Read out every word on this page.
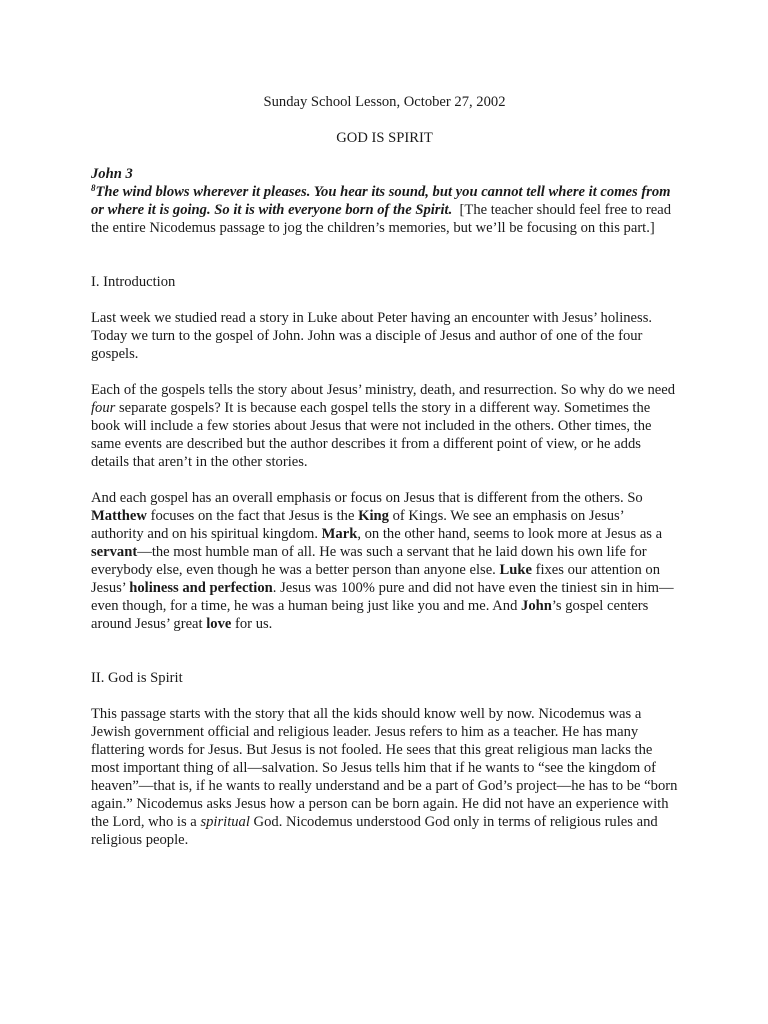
Sunday School Lesson, October 27, 2002
GOD IS SPIRIT

John 3

$^8$The wind blows wherever it pleases. You hear its sound, but you cannot tell where it comes from or where it is going. So it is with everyone born of the Spirit. [The teacher should feel free to read the entire Nicodemus passage to jog the children’s memories, but we’ll be focusing on this part.]

I. Introduction

Last week we studied read a story in Luke about Peter having an encounter with Jesus’ holiness. Today we turn to the gospel of John. John was a disciple of Jesus and author of one of the four gospels.

Each of the gospels tells the story about Jesus’ ministry, death, and resurrection. So why do we need four separate gospels? It is because each gospel tells the story in a different way. Sometimes the book will include a few stories about Jesus that were not included in the others. Other times, the same events are described but the author describes it from a different point of view, or he adds details that aren’t in the other stories.

And each gospel has an overall emphasis or focus on Jesus that is different from the others. So Matthew focuses on the fact that Jesus is the King of Kings. We see an emphasis on Jesus’ authority and on his spiritual kingdom. Mark, on the other hand, seems to look more at Jesus as a servant—the most humble man of all. He was such a servant that he laid down his own life for everybody else, even though he was a better person than anyone else. Luke fixes our attention on Jesus’ holiness and perfection. Jesus was 100% pure and did not have even the tiniest sin in him—even though, for a time, he was a human being just like you and me. And John’s gospel centers around Jesus’ great love for us.

II. God is Spirit

This passage starts with the story that all the kids should know well by now. Nicodemus was a Jewish government official and religious leader. Jesus refers to him as a teacher. He has many flattering words for Jesus. But Jesus is not fooled. He sees that this great religious man lacks the most important thing of all—salvation. So Jesus tells him that if he wants to “see the kingdom of heaven”—that is, if he wants to really understand and be a part of God’s project—he has to be “born again.” Nicodemus asks Jesus how a person can be born again. He did not have an experience with the Lord, who is a spiritual God. Nicodemus understood God only in terms of religious rules and religious people.
